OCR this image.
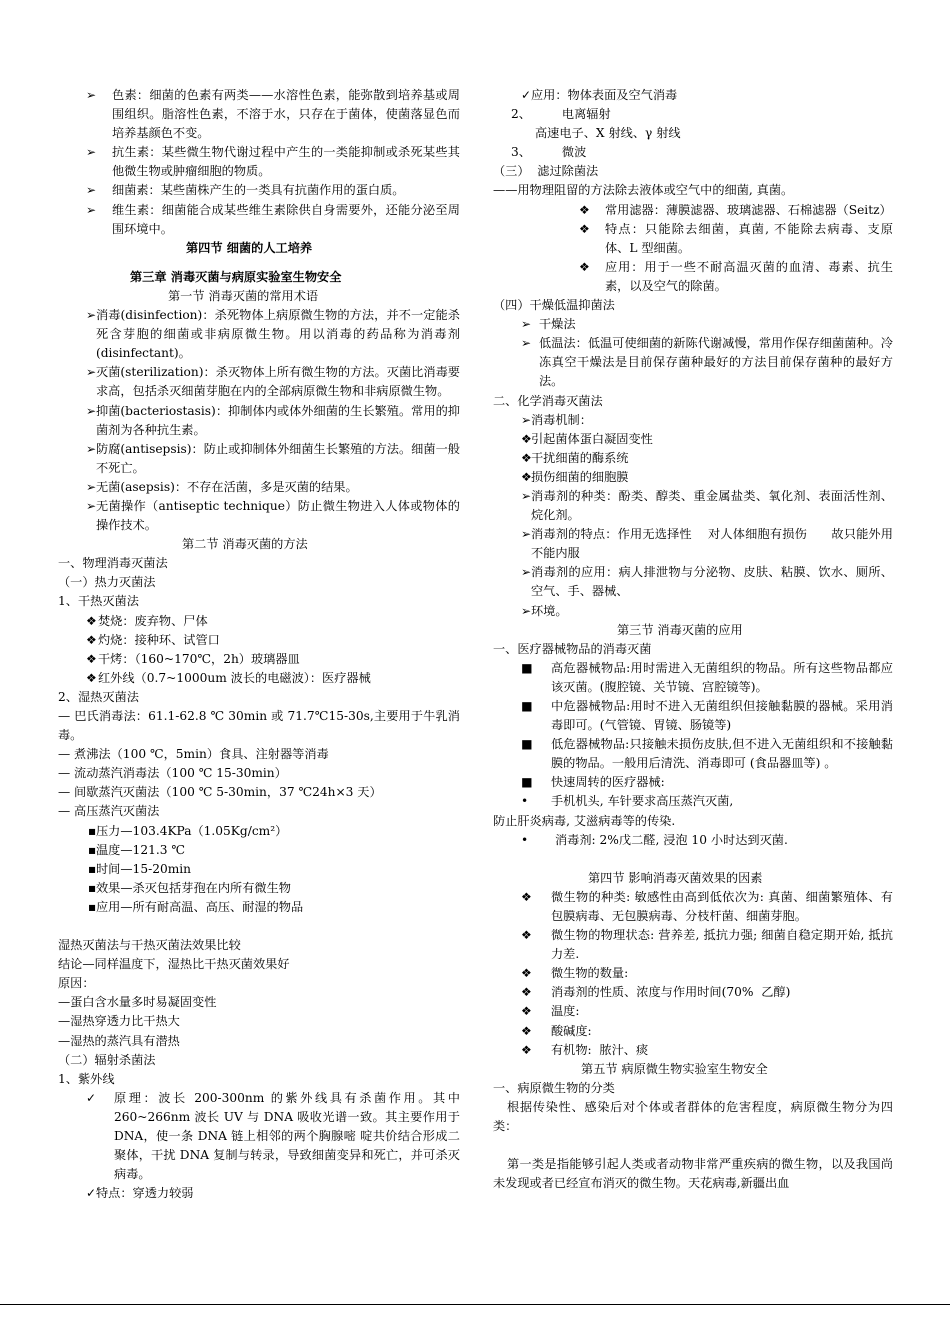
➢	色素：细菌的色素有两类——水溶性色素，能弥散到培养基或周围组织。脂溶性色素，不溶于水，只存在于菌体，使菌落显色而培养基颜色不变。
➢	抗生素：某些微生物代谢过程中产生的一类能抑制或杀死某些其他微生物或肿瘤细胞的物质。
➢	细菌素：某些菌株产生的一类具有抗菌作用的蛋白质。
➢	维生素：细菌能合成某些维生素除供自身需要外，还能分泌至周围环境中。
第四节 细菌的人工培养
第三章 消毒灭菌与病原实验室生物安全
第一节 消毒灭菌的常用术语
➢ 消毒(disinfection)：杀死物体上病原微生物的方法，并不一定能杀死含芽胞的细菌或非病原微生物。用以消毒的药品称为消毒剂(disinfectant)。
➢ 灭菌(sterilization)：杀灭物体上所有微生物的方法。灭菌比消毒要求高，包括杀灭细菌芽胞在内的全部病原微生物和非病原微生物。
➢ 抑菌(bacteriostasis)：抑制体内或体外细菌的生长繁殖。常用的抑菌剂为各种抗生素。
➢ 防腐(antisepsis)：防止或抑制体外细菌生长繁殖的方法。细菌一般不死亡。
➢ 无菌(asepsis)：不存在活菌，多是灭菌的结果。
➢ 无菌操作（antiseptic technique）防止微生物进入人体或物体的操作技术。
第二节 消毒灭菌的方法
一、物理消毒灭菌法
（一）热力灭菌法
1、干热灭菌法
❖ 焚烧：废弃物、尸体
❖ 灼烧：接种环、试管口
❖ 干烤：（160~170℃，2h）玻璃器皿
❖ 红外线（0.7~1000um 波长的电磁波）：医疗器械
2、湿热灭菌法
— 巴氏消毒法：61.1-62.8 ℃ 30min 或 71.7℃15-30s,主要用于牛乳消毒。
— 煮沸法（100 ℃，5min）食具、注射器等消毒
— 流动蒸汽消毒法（100 ℃ 15-30min）
— 间歇蒸汽灭菌法（100 ℃ 5-30min，37 ℃24h×3 天）
— 高压蒸汽灭菌法
▪ 压力—103.4KPa（1.05Kg/cm²）
▪ 温度—121.3 ℃
▪ 时间—15-20min
▪ 效果—杀灭包括芽孢在内所有微生物
▪ 应用—所有耐高温、高压、耐湿的物品
湿热灭菌法与干热灭菌法效果比较
结论—同样温度下，湿热比干热灭菌效果好
原因：
—蛋白含水量多时易凝固变性
—湿热穿透力比干热大
—湿热的蒸汽具有潜热
（二）辐射杀菌法
1、紫外线
✓	原理：波长 200-300nm 的紫外线具有杀菌作用。其中 260~266nm 波长 UV 与 DNA 吸收光谱一致。其主要作用于 DNA，使一条 DNA 链上相邻的两个胸腺嘧 啶共价结合形成二聚体，干扰 DNA 复制与转录，导致细菌变异和死亡，并可杀灭病毒。
✓ 特点：穿透力较弱
✓ 应用：物体表面及空气消毒
2、        电离辐射
高速电子、X 射线、γ 射线
3、        微波
（三）  滤过除菌法
——用物理阻留的方法除去液体或空气中的细菌, 真菌。
❖	常用滤器：薄膜滤器、玻璃滤器、石棉滤器（Seitz）
❖	特点：只能除去细菌，真菌, 不能除去病毒、支原体、L 型细菌。
❖	应用：用于一些不耐高温灭菌的血清、毒素、抗生素，以及空气的除菌。
（四）干燥低温抑菌法
➢ 干燥法
➢ 低温法：低温可使细菌的新陈代谢减慢，常用作保存细菌菌种。冷冻真空干燥法是目前保存菌种最好的方法目前保存菌种的最好方法。
二、化学消毒灭菌法
➢ 消毒机制：
❖ 引起菌体蛋白凝固变性
❖ 干扰细菌的酶系统
❖ 损伤细菌的细胞膜
➢ 消毒剂的种类：酚类、醇类、重金属盐类、氧化剂、表面活性剂、烷化剂。
➢ 消毒剂的特点：作用无选择性    对人体细胞有损伤      故只能外用不能内服
➢ 消毒剂的应用：病人排泄物与分泌物、皮肤、粘膜、饮水、厕所、空气、手、器械、
➢ 环境。
第三节 消毒灭菌的应用
一、医疗器械物品的消毒灭菌
■	高危器械物品:用时需进入无菌组织的物品。所有这些物品都应该灭菌。(腹腔镜、关节镜、宫腔镜等)。
■	中危器械物品:用时不进入无菌组织但接触黏膜的器械。采用消毒即可。(气管镜、胃镜、肠镜等)
■	低危器械物品:只接触未损伤皮肤,但不进入无菌组织和不接触黏膜的物品。一般用后清洗、消毒即可 (食品器皿等) 。
■	快速周转的医疗器械:
•	手机机头, 车针要求高压蒸汽灭菌,
防止肝炎病毒, 艾滋病毒等的传染.
•	消毒剂: 2%戊二醛, 浸泡 10 小时达到灭菌.
第四节 影响消毒灭菌效果的因素
❖	微生物的种类: 敏感性由高到低依次为: 真菌、细菌繁殖体、有包膜病毒、无包膜病毒、分枝杆菌、细菌芽胞。
❖	微生物的物理状态: 营养差, 抵抗力强; 细菌自稳定期开始, 抵抗力差.
❖	微生物的数量:
❖	消毒剂的性质、浓度与作用时间(70%  乙醇)
❖	温度:
❖	酸碱度:
❖	有机物:  脓汁、痰
第五节 病原微生物实验室生物安全
一、病原微生物的分类
根据传染性、感染后对个体或者群体的危害程度，病原微生物分为四类：
第一类是指能够引起人类或者动物非常严重疾病的微生物，以及我国尚未发现或者已经宣布消灭的微生物。天花病毒,新疆出血
